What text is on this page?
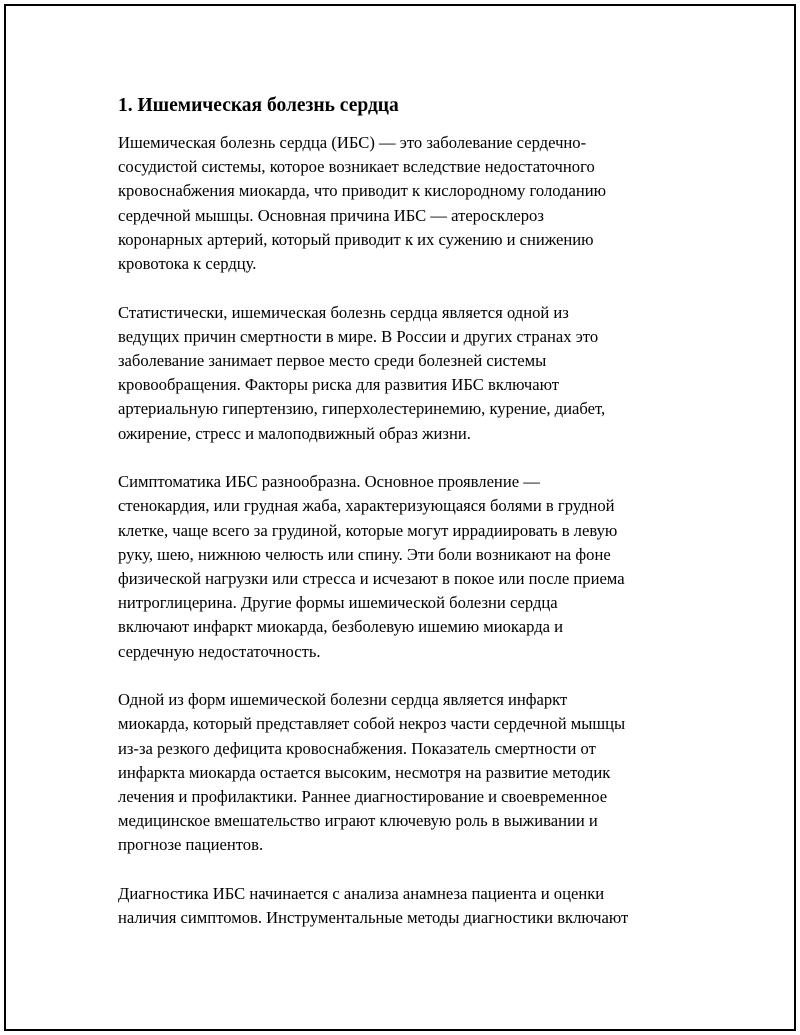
1. Ишемическая болезнь сердца

Ишемическая болезнь сердца (ИБС) — это заболевание сердечно-
сосудистой системы, которое возникает вследствие недостаточного
кровоснабжения миокарда, что приводит к кислородному голоданию
сердечной мышцы. Основная причина ИБС — атеросклероз
коронарных артерий, который приводит к их сужению и снижению
кровотока к сердцу.

Статистически, ишемическая болезнь сердца является одной из
ведущих причин смертности в мире. В России и других странах это
заболевание занимает первое место среди болезней системы
кровообращения. Факторы риска для развития ИБС включают
артериальную гипертензию, гиперхолестеринемию, курение, диабет,
ожирение, стресс и малоподвижный образ жизни.

Симптоматика ИБС разнообразна. Основное проявление —
стенокардия, или грудная жаба, характеризующаяся болями в грудной
клетке, чаще всего за грудиной, которые могут иррадиировать в левую
руку, шею, нижнюю челюсть или спину. Эти боли возникают на фоне
физической нагрузки или стресса и исчезают в покое или после приема
нитроглицерина. Другие формы ишемической болезни сердца
включают инфаркт миокарда, безболевую ишемию миокарда и
сердечную недостаточность.

Одной из форм ишемической болезни сердца является инфаркт
миокарда, который представляет собой некроз части сердечной мышцы
из-за резкого дефицита кровоснабжения. Показатель смертности от
инфаркта миокарда остается высоким, несмотря на развитие методик
лечения и профилактики. Раннее диагностирование и своевременное
медицинское вмешательство играют ключевую роль в выживании и
прогнозе пациентов.

Диагностика ИБС начинается с анализа анамнеза пациента и оценки
наличия симптомов. Инструментальные методы диагностики включают
